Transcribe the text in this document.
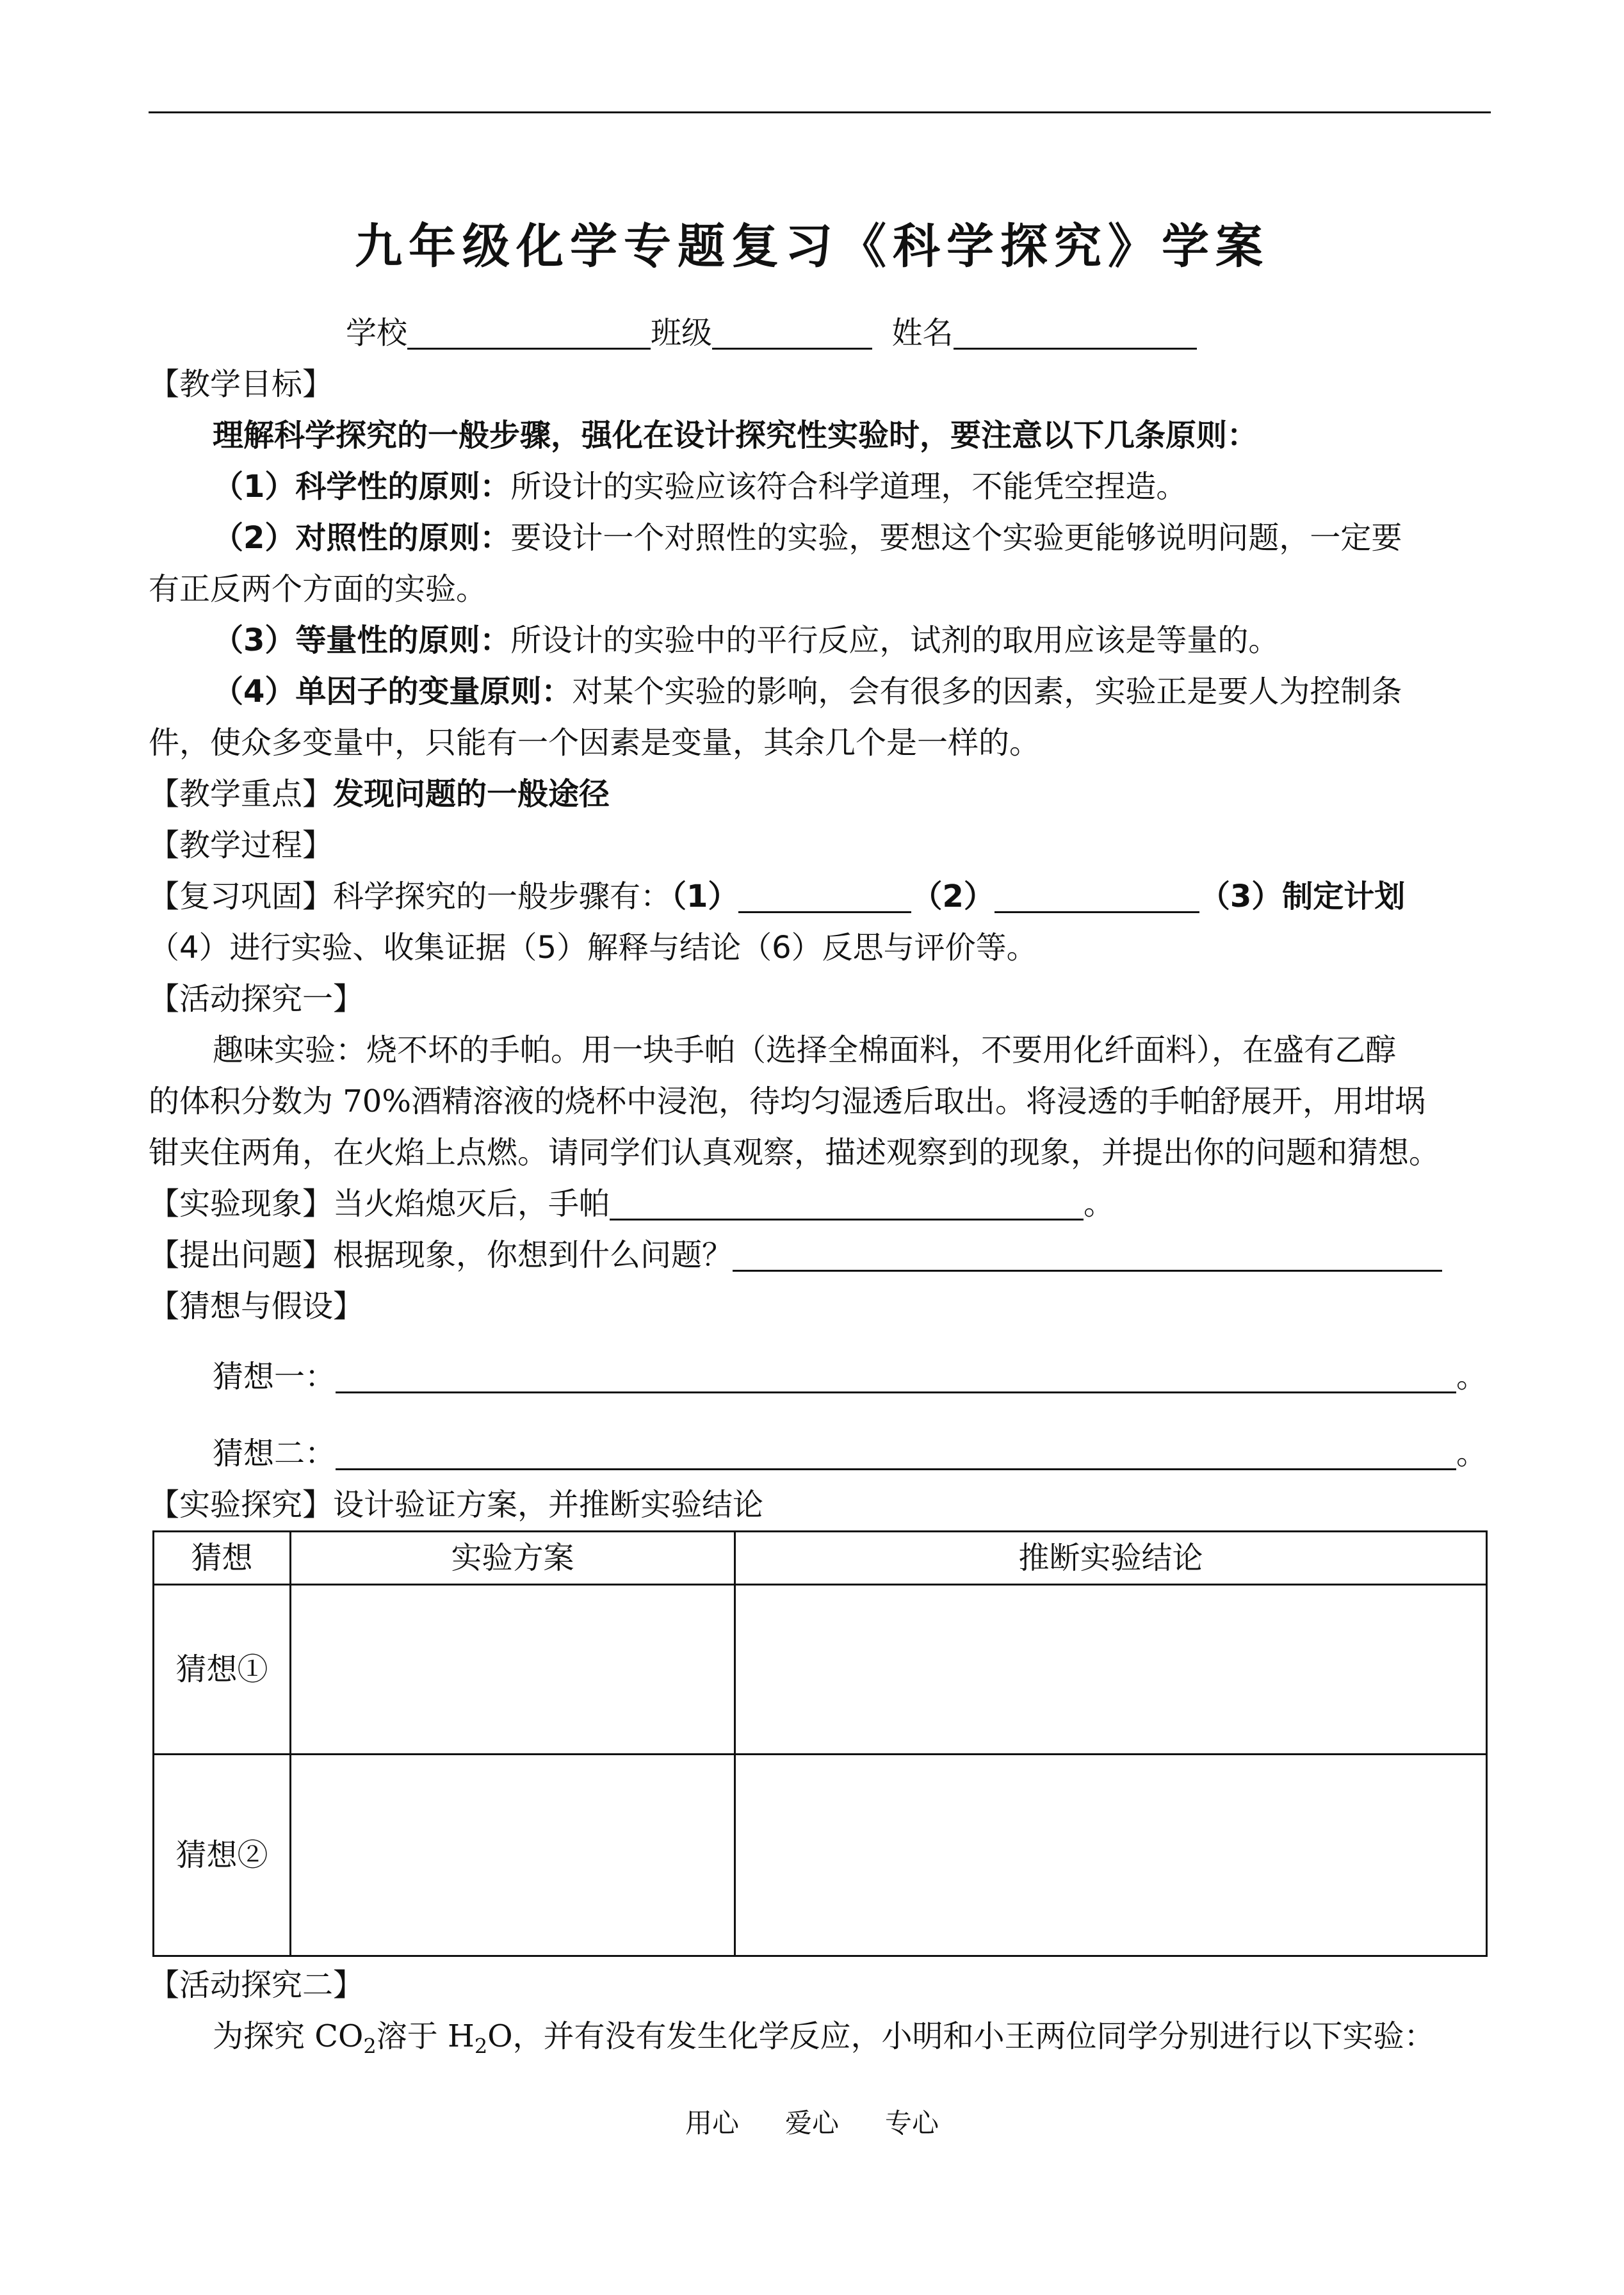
九年级化学专题复习《科学探究》学案
学校	班级	姓名
【教学目标】
理解科学探究的一般步骤，强化在设计探究性实验时，要注意以下几条原则：
（1）科学性的原则：所设计的实验应该符合科学道理，不能凭空捏造。
（2）对照性的原则：要设计一个对照性的实验，要想这个实验更能够说明问题，一定要
有正反两个方面的实验。
（3）等量性的原则：所设计的实验中的平行反应，试剂的取用应该是等量的。
（4）单因子的变量原则：对某个实验的影响，会有很多的因素，实验正是要人为控制条
件，使众多变量中，只能有一个因素是变量，其余几个是一样的。
【教学重点】发现问题的一般途径
【教学过程】
【复习巩固】科学探究的一般步骤有：（1）	（2）	（3）制定计划
（4）进行实验、收集证据（5）解释与结论（6）反思与评价等。
【活动探究一】
趣味实验：烧不坏的手帕。用一块手帕（选择全棉面料，不要用化纤面料），在盛有乙醇
的体积分数为 70%酒精溶液的烧杯中浸泡，待均匀湿透后取出。将浸透的手帕舒展开，用坩埚
钳夹住两角，在火焰上点燃。请同学们认真观察，描述观察到的现象，并提出你的问题和猜想。
【实验现象】当火焰熄灭后，手帕	。
【提出问题】根据现象，你想到什么问题？
【猜想与假设】
猜想一：	。
猜想二：	。
【实验探究】设计验证方案，并推断实验结论
猜想	实验方案	推断实验结论
猜想①		
猜想②		
【活动探究二】
为探究 $CO_2$溶于 $H_2O$，并有没有发生化学反应，小明和小王两位同学分别进行以下实验：
用心 爱心 专心
